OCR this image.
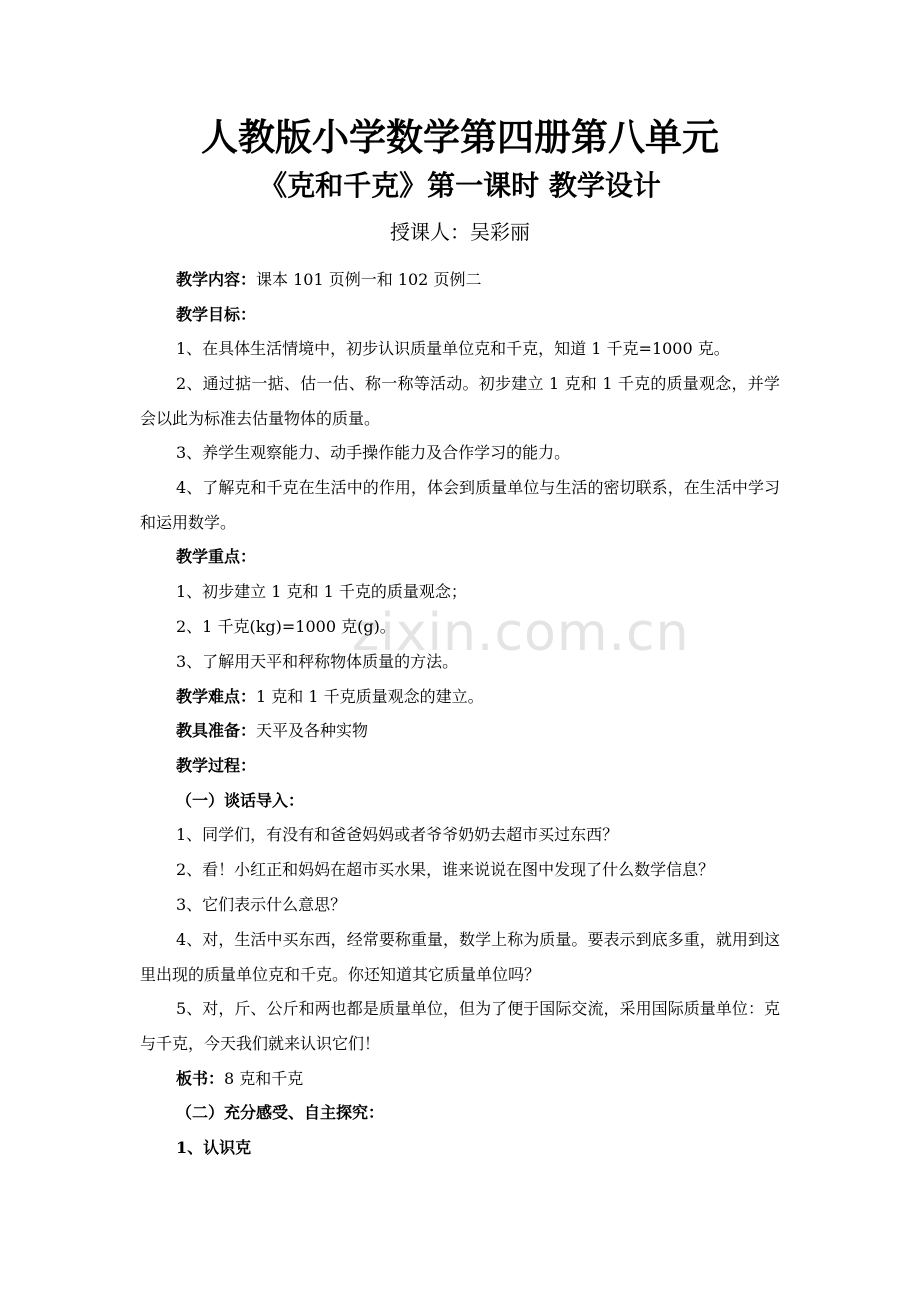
zixin.com.cn
人教版小学数学第四册第八单元
《克和千克》第一课时 教学设计
授课人：吴彩丽
教学内容：课本 101 页例一和 102 页例二
教学目标：
1、在具体生活情境中，初步认识质量单位克和千克，知道 1 千克=1000 克。
2、通过掂一掂、估一估、称一称等活动。初步建立 1 克和 1 千克的质量观念，并学会以此为标准去估量物体的质量。
3、养学生观察能力、动手操作能力及合作学习的能力。
4、了解克和千克在生活中的作用，体会到质量单位与生活的密切联系，在生活中学习和运用数学。
教学重点：
1、初步建立 1 克和 1 千克的质量观念；
2、1 千克(kg)=1000 克(g)。
3、了解用天平和秤称物体质量的方法。
教学难点：1 克和 1 千克质量观念的建立。
教具准备：天平及各种实物
教学过程：
（一）谈话导入：
1、同学们，有没有和爸爸妈妈或者爷爷奶奶去超市买过东西？
2、看！小红正和妈妈在超市买水果，谁来说说在图中发现了什么数学信息？
3、它们表示什么意思？
4、对，生活中买东西，经常要称重量，数学上称为质量。要表示到底多重，就用到这里出现的质量单位克和千克。你还知道其它质量单位吗？
5、对，斤、公斤和两也都是质量单位，但为了便于国际交流，采用国际质量单位：克与千克，今天我们就来认识它们！
板书：8 克和千克
（二）充分感受、自主探究：
1、认识克
